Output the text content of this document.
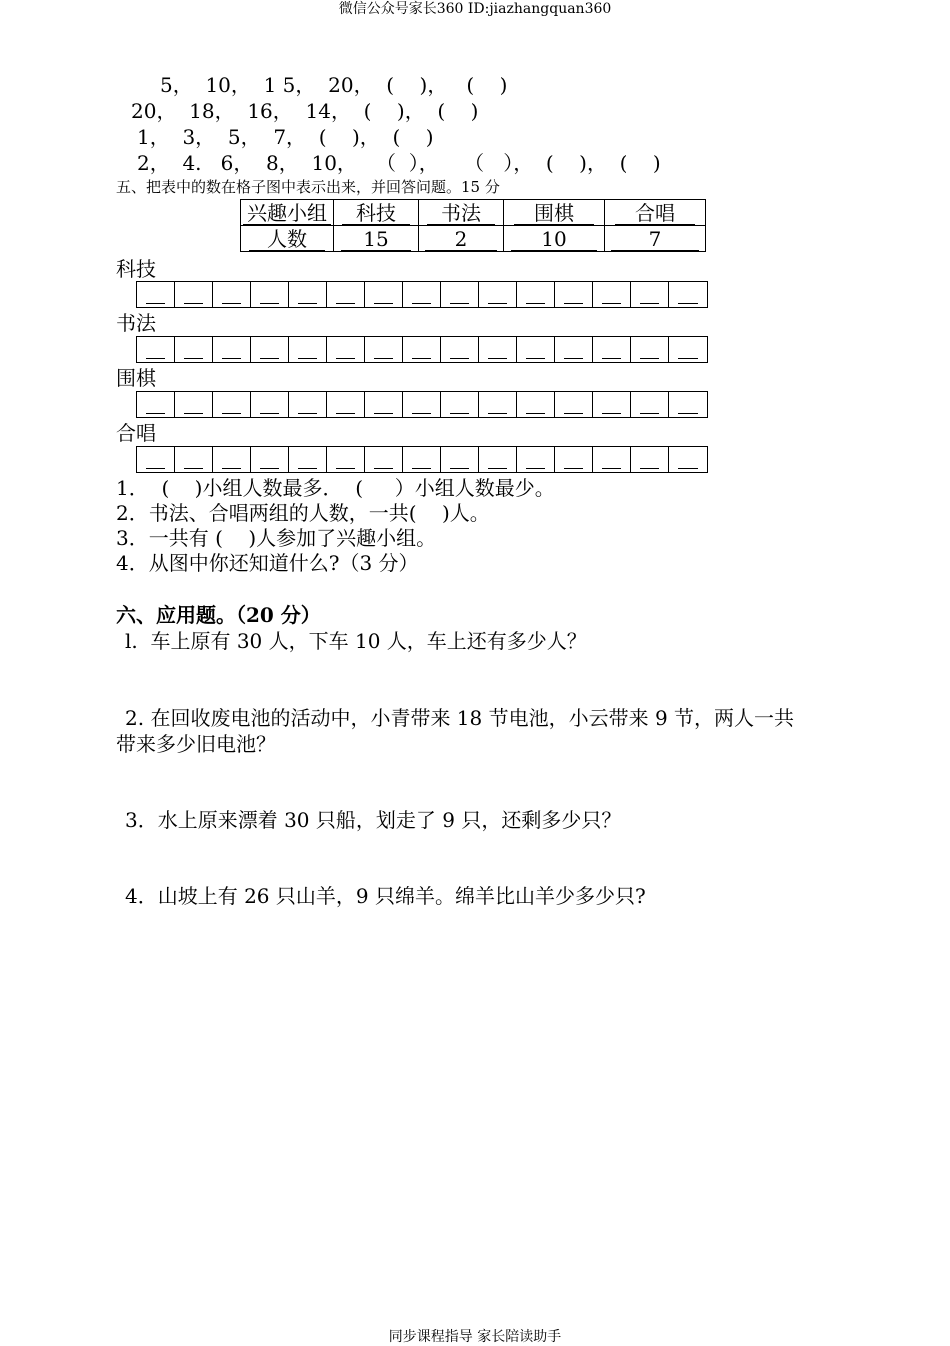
微信公众号家长360 ID:jiazhangquan360
5，  10，  1 5，  20，  (    )，   (    )
20，  18，  16，  14，  (    )，  (    )
1，  3，  5，  7，  (    )，  (    )
2，  4.   6，  8，  10，   （  ），    （   ），  (    )，  (    )
五、把表中的数在格子图中表示出来，并回答问题。15 分
兴趣小组	科技	书法	围棋	合唱
人数	15	2	10	7
科技
书法
围棋
合唱
1．  (    )小组人数最多．  (     ）小组人数最少。
2．书法、合唱两组的人数，一共(    )人。
3．一共有 (    )人参加了兴趣小组。
4．从图中你还知道什么?（3 分）
六、应用题。（20 分）
l.  车上原有 30 人，下车 10 人，车上还有多少人？
2. 在回收废电池的活动中，小青带来 18 节电池，小云带来 9 节，两人一共
带来多少旧电池？
3．水上原来漂着 30 只船，划走了 9 只，还剩多少只？
4．山坡上有 26 只山羊，9 只绵羊。绵羊比山羊少多少只?
同步课程指导 家长陪读助手
